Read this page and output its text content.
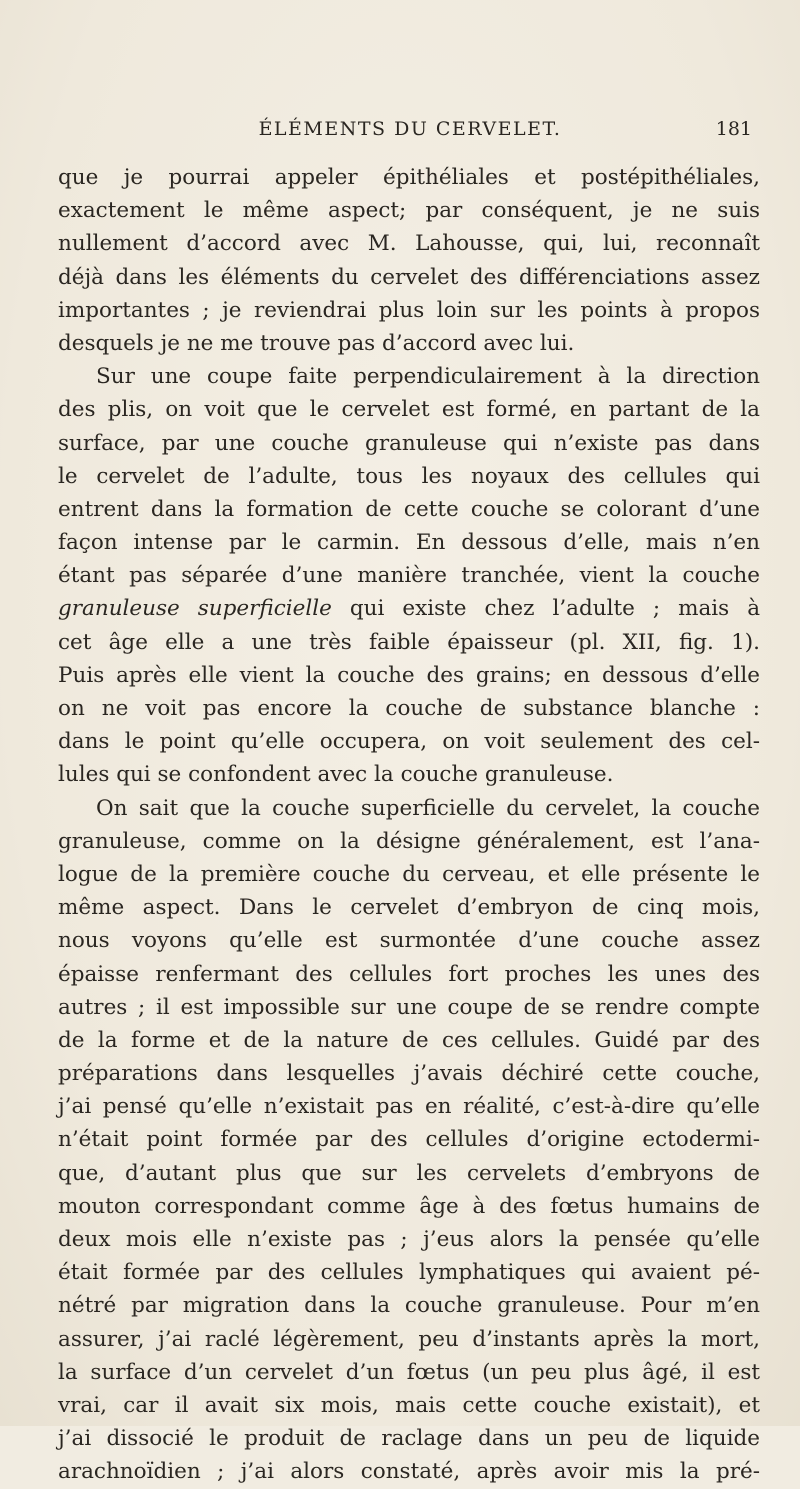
ÉLÉMENTS DU CERVELET.	181
que je pourrai appeler épithéliales et postépithéliales,
exactement le même aspect; par conséquent, je ne suis
nullement d’accord avec M. Lahousse, qui, lui, reconnaît
déjà dans les éléments du cervelet des différenciations assez
importantes ; je reviendrai plus loin sur les points à propos
desquels je ne me trouve pas d’accord avec lui.
Sur une coupe faite perpendiculairement à la direction
des plis, on voit que le cervelet est formé, en partant de la
surface, par une couche granuleuse qui n’existe pas dans
le cervelet de l’adulte, tous les noyaux des cellules qui
entrent dans la formation de cette couche se colorant d’une
façon intense par le carmin. En dessous d’elle, mais n’en
étant pas séparée d’une manière tranchée, vient la couche
granuleuse superficielle qui existe chez l’adulte ; mais à
cet âge elle a une très faible épaisseur (pl. XII, fig. 1).
Puis après elle vient la couche des grains; en dessous d’elle
on ne voit pas encore la couche de substance blanche :
dans le point qu’elle occupera, on voit seulement des cel-
lules qui se confondent avec la couche granuleuse.
On sait que la couche superficielle du cervelet, la couche
granuleuse, comme on la désigne généralement, est l’ana-
logue de la première couche du cerveau, et elle présente le
même aspect. Dans le cervelet d’embryon de cinq mois,
nous voyons qu’elle est surmontée d’une couche assez
épaisse renfermant des cellules fort proches les unes des
autres ; il est impossible sur une coupe de se rendre compte
de la forme et de la nature de ces cellules. Guidé par des
préparations dans lesquelles j’avais déchiré cette couche,
j’ai pensé qu’elle n’existait pas en réalité, c’est-à-dire qu’elle
n’était point formée par des cellules d’origine ectodermi-
que, d’autant plus que sur les cervelets d’embryons de
mouton correspondant comme âge à des fœtus humains de
deux mois elle n’existe pas ; j’eus alors la pensée qu’elle
était formée par des cellules lymphatiques qui avaient pé-
nétré par migration dans la couche granuleuse. Pour m’en
assurer, j’ai raclé légèrement, peu d’instants après la mort,
la surface d’un cervelet d’un fœtus (un peu plus âgé, il est
vrai, car il avait six mois, mais cette couche existait), et
j’ai dissocié le produit de raclage dans un peu de liquide
arachnoïdien ; j’ai alors constaté, après avoir mis la pré-
